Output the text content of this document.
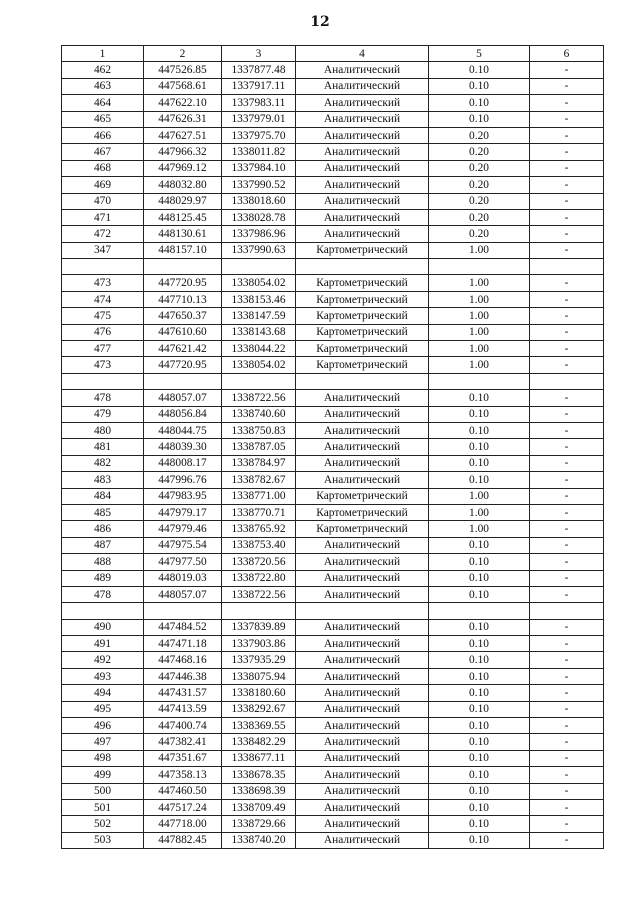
12
1	2	3	4	5	6
462	447526.85	1337877.48	Аналитический	0.10	-
463	447568.61	1337917.11	Аналитический	0.10	-
464	447622.10	1337983.11	Аналитический	0.10	-
465	447626.31	1337979.01	Аналитический	0.10	-
466	447627.51	1337975.70	Аналитический	0.20	-
467	447966.32	1338011.82	Аналитический	0.20	-
468	447969.12	1337984.10	Аналитический	0.20	-
469	448032.80	1337990.52	Аналитический	0.20	-
470	448029.97	1338018.60	Аналитический	0.20	-
471	448125.45	1338028.78	Аналитический	0.20	-
472	448130.61	1337986.96	Аналитический	0.20	-
347	448157.10	1337990.63	Картометрический	1.00	-

473	447720.95	1338054.02	Картометрический	1.00	-
474	447710.13	1338153.46	Картометрический	1.00	-
475	447650.37	1338147.59	Картометрический	1.00	-
476	447610.60	1338143.68	Картометрический	1.00	-
477	447621.42	1338044.22	Картометрический	1.00	-
473	447720.95	1338054.02	Картометрический	1.00	-

478	448057.07	1338722.56	Аналитический	0.10	-
479	448056.84	1338740.60	Аналитический	0.10	-
480	448044.75	1338750.83	Аналитический	0.10	-
481	448039.30	1338787.05	Аналитический	0.10	-
482	448008.17	1338784.97	Аналитический	0.10	-
483	447996.76	1338782.67	Аналитический	0.10	-
484	447983.95	1338771.00	Картометрический	1.00	-
485	447979.17	1338770.71	Картометрический	1.00	-
486	447979.46	1338765.92	Картометрический	1.00	-
487	447975.54	1338753.40	Аналитический	0.10	-
488	447977.50	1338720.56	Аналитический	0.10	-
489	448019.03	1338722.80	Аналитический	0.10	-
478	448057.07	1338722.56	Аналитический	0.10	-

490	447484.52	1337839.89	Аналитический	0.10	-
491	447471.18	1337903.86	Аналитический	0.10	-
492	447468.16	1337935.29	Аналитический	0.10	-
493	447446.38	1338075.94	Аналитический	0.10	-
494	447431.57	1338180.60	Аналитический	0.10	-
495	447413.59	1338292.67	Аналитический	0.10	-
496	447400.74	1338369.55	Аналитический	0.10	-
497	447382.41	1338482.29	Аналитический	0.10	-
498	447351.67	1338677.11	Аналитический	0.10	-
499	447358.13	1338678.35	Аналитический	0.10	-
500	447460.50	1338698.39	Аналитический	0.10	-
501	447517.24	1338709.49	Аналитический	0.10	-
502	447718.00	1338729.66	Аналитический	0.10	-
503	447882.45	1338740.20	Аналитический	0.10	-
